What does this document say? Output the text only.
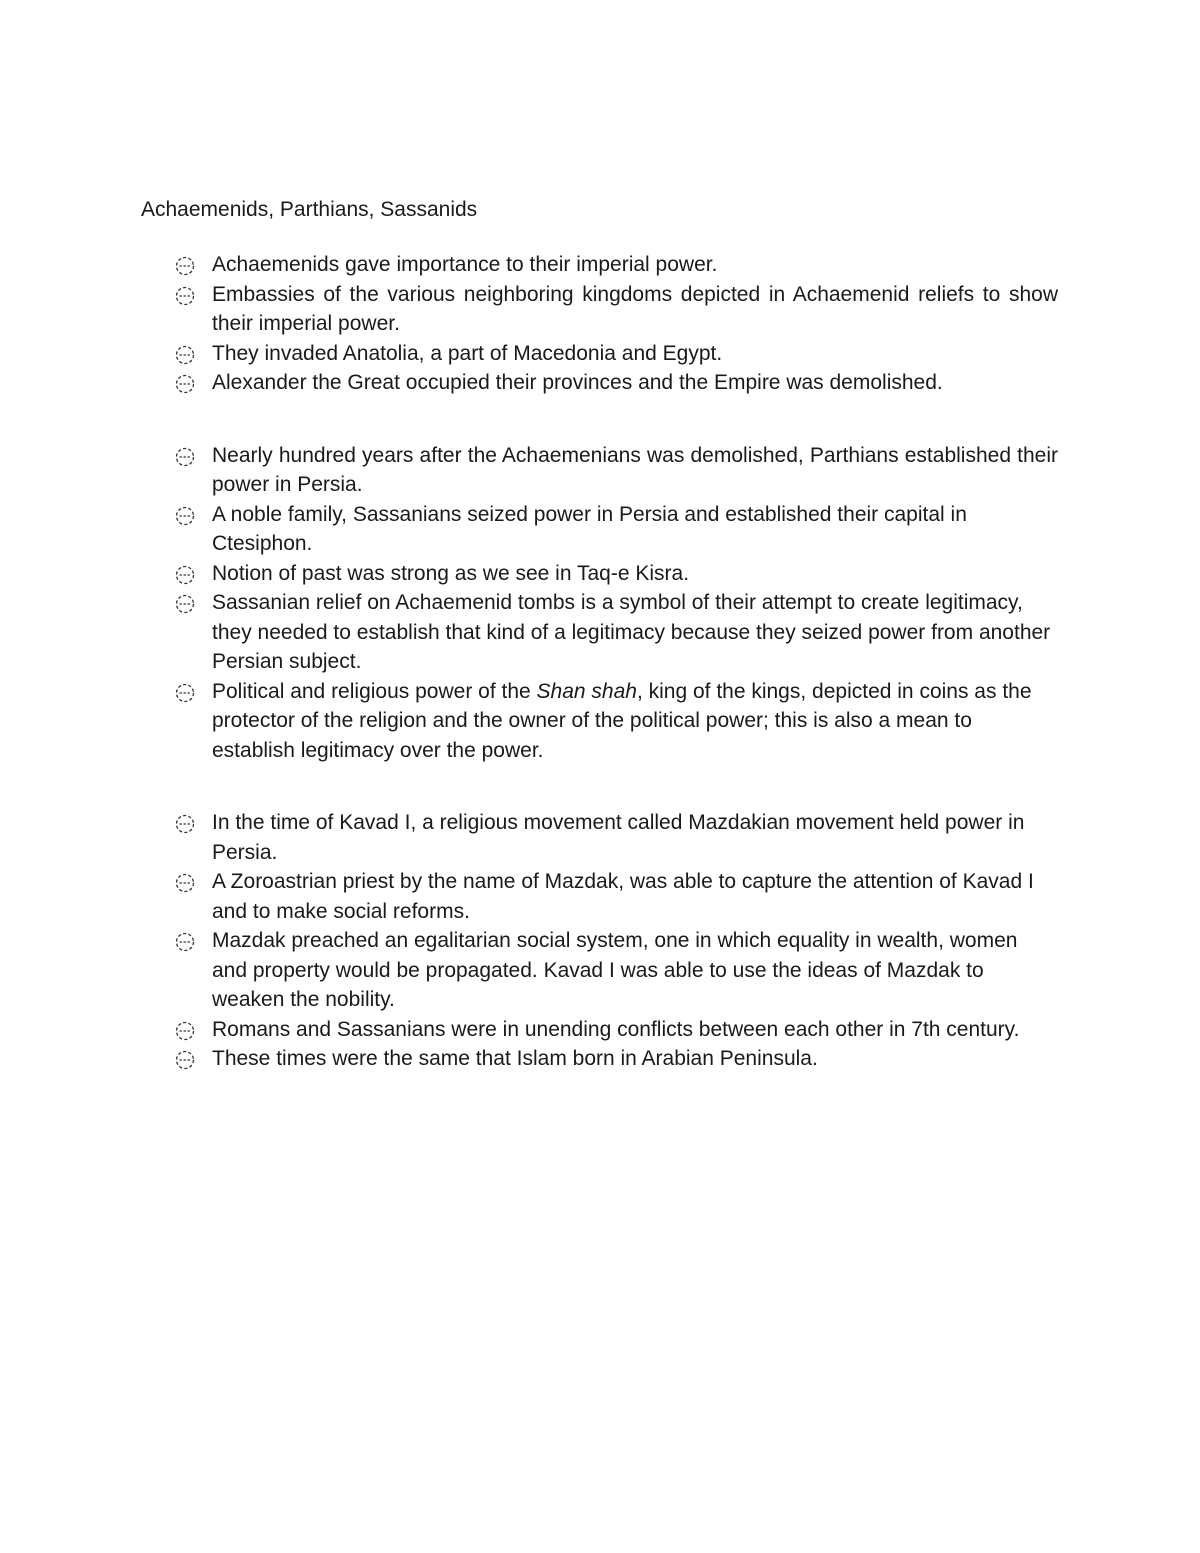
Achaemenids, Parthians, Sassanids
Achaemenids gave importance to their imperial power.
Embassies of the various neighboring kingdoms depicted in Achaemenid reliefs to show their imperial power.
They invaded Anatolia, a part of Macedonia and Egypt.
Alexander the Great occupied their provinces and the Empire was demolished.
Nearly hundred years after the Achaemenians was demolished, Parthians established their power in Persia.
A noble family, Sassanians seized power in Persia and established their capital in Ctesiphon.
Notion of past was strong as we see in Taq-e Kisra.
Sassanian relief on Achaemenid tombs is a symbol of their attempt to create legitimacy, they needed to establish that kind of a legitimacy because they seized power from another Persian subject.
Political and religious power of the Shan shah, king of the kings, depicted in coins as the protector of the religion and the owner of the political power; this is also a mean to establish legitimacy over the power.
In the time of Kavad I, a religious movement called Mazdakian movement held power in Persia.
A Zoroastrian priest by the name of Mazdak, was able to capture the attention of Kavad I and to make social reforms.
Mazdak preached an egalitarian social system, one in which equality in wealth, women and property would be propagated. Kavad I was able to use the ideas of Mazdak to weaken the nobility.
Romans and Sassanians were in unending conflicts between each other in 7th century.
These times were the same that Islam born in Arabian Peninsula.
